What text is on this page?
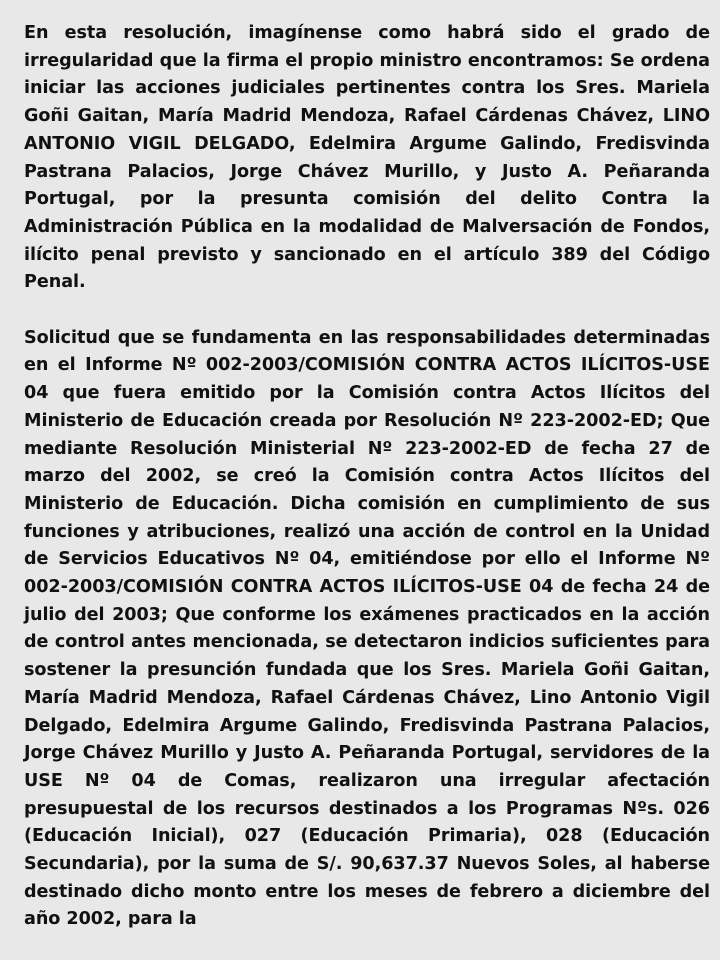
En esta resolución, imagínense como habrá sido el grado de irregularidad que la firma el propio ministro encontramos: Se ordena iniciar las acciones judiciales pertinentes contra los Sres. Mariela Goñi Gaitan, María Madrid Mendoza, Rafael Cárdenas Chávez, LINO ANTONIO VIGIL DELGADO, Edelmira Argume Galindo, Fredisvinda Pastrana Palacios, Jorge Chávez Murillo, y Justo A. Peñaranda Portugal, por la presunta comisión del delito Contra la Administración Pública en la modalidad de Malversación de Fondos, ilícito penal previsto y sancionado en el artículo 389 del Código Penal.

Solicitud que se fundamenta en las responsabilidades determinadas en el Informe Nº 002-2003/COMISIÓN CONTRA ACTOS ILÍCITOS-USE 04 que fuera emitido por la Comisión contra Actos Ilícitos del Ministerio de Educación creada por Resolución Nº 223-2002-ED; Que mediante Resolución Ministerial Nº 223-2002-ED de fecha 27 de marzo del 2002, se creó la Comisión contra Actos Ilícitos del Ministerio de Educación. Dicha comisión en cumplimiento de sus funciones y atribuciones, realizó una acción de control en la Unidad de Servicios Educativos Nº 04, emitiéndose por ello el Informe Nº 002-2003/COMISIÓN CONTRA ACTOS ILÍCITOS-USE 04 de fecha 24 de julio del 2003; Que conforme los exámenes practicados en la acción de control antes mencionada, se detectaron indicios suficientes para sostener la presunción fundada que los Sres. Mariela Goñi Gaitan, María Madrid Mendoza, Rafael Cárdenas Chávez, Lino Antonio Vigil Delgado, Edelmira Argume Galindo, Fredisvinda Pastrana Palacios, Jorge Chávez Murillo y Justo A. Peñaranda Portugal, servidores de la USE Nº 04 de Comas, realizaron una irregular afectación presupuestal de los recursos destinados a los Programas Nºs. 026 (Educación Inicial), 027 (Educación Primaria), 028 (Educación Secundaria), por la suma de S/. 90,637.37 Nuevos Soles, al haberse destinado dicho monto entre los meses de febrero a diciembre del año 2002, para la
